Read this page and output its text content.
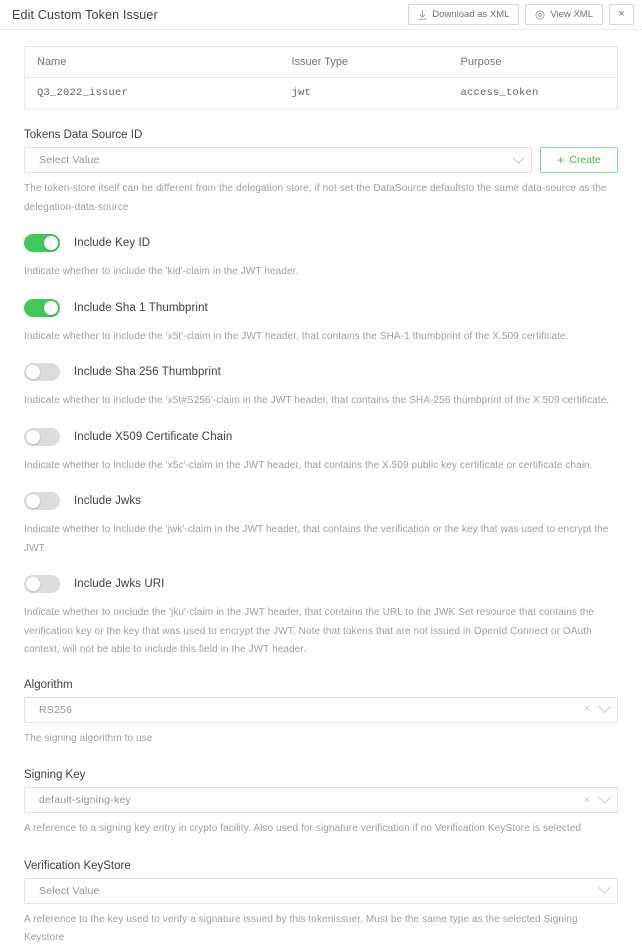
Edit Custom Token Issuer	Download as XML	View XML ×
Name	Issuer Type	Purpose
Q3_2022_issuer	jwt	access_token
Tokens Data Source ID
Select Value	+ Create
The token-store itself can be different from the delegation store, if not set the DataSource defaultsto the same data-source as the delegation-data-source
Include Key ID
Indicate whether to include the 'kid'-claim in the JWT header.
Include Sha 1 Thumbprint
Indicate whether to include the 'x5t'-claim in the JWT header, that contains the SHA-1 thumbprint of the X.509 certificate.
Include Sha 256 Thumbprint
Indicate whether to include the 'x5t#S256'-claim in the JWT header, that contains the SHA-256 thumbprint of the X.509 certificate.
Include X509 Certificate Chain
Indicate whether to include the 'x5c'-claim in the JWT header, that contains the X.509 public key certificate or certificate chain.
Include Jwks
Indicate whether to include the 'jwk'-claim in the JWT header, that contains the verification or the key that was used to encrypt the JWT.
Include Jwks URI
Indicate whether to onclude the 'jku'-claim in the JWT header, that contains the URL to the JWK Set resource that contains the verification key or the key that was used to encrypt the JWT. Note that tokens that are not issued in OpenId Connect or OAuth context, will not be able to include this field in the JWT header.
Algorithm
RS256	×
The signing algorithm to use
Signing Key
default-signing-key	×
A reference to a signing key entry in crypto facility. Also used for signature verification if no Verification KeyStore is selected
Verification KeyStore
Select Value
A reference to the key used to verify a signature issued by this tokenissuer. Must be the same type as the selected Signing Keystore
